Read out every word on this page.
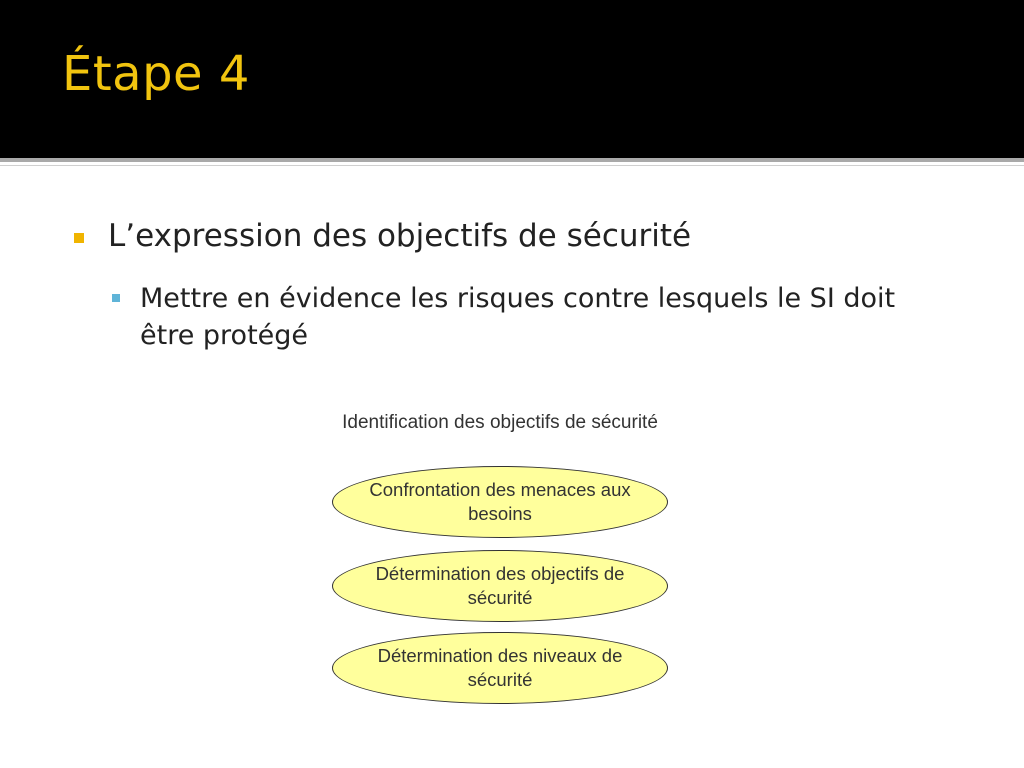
Étape 4
L’expression des objectifs de sécurité
Mettre en évidence les risques contre lesquels le SI doit être protégé
Identification des objectifs de sécurité
Confrontation des menaces aux besoins
Détermination des objectifs de sécurité
Détermination des niveaux de sécurité
